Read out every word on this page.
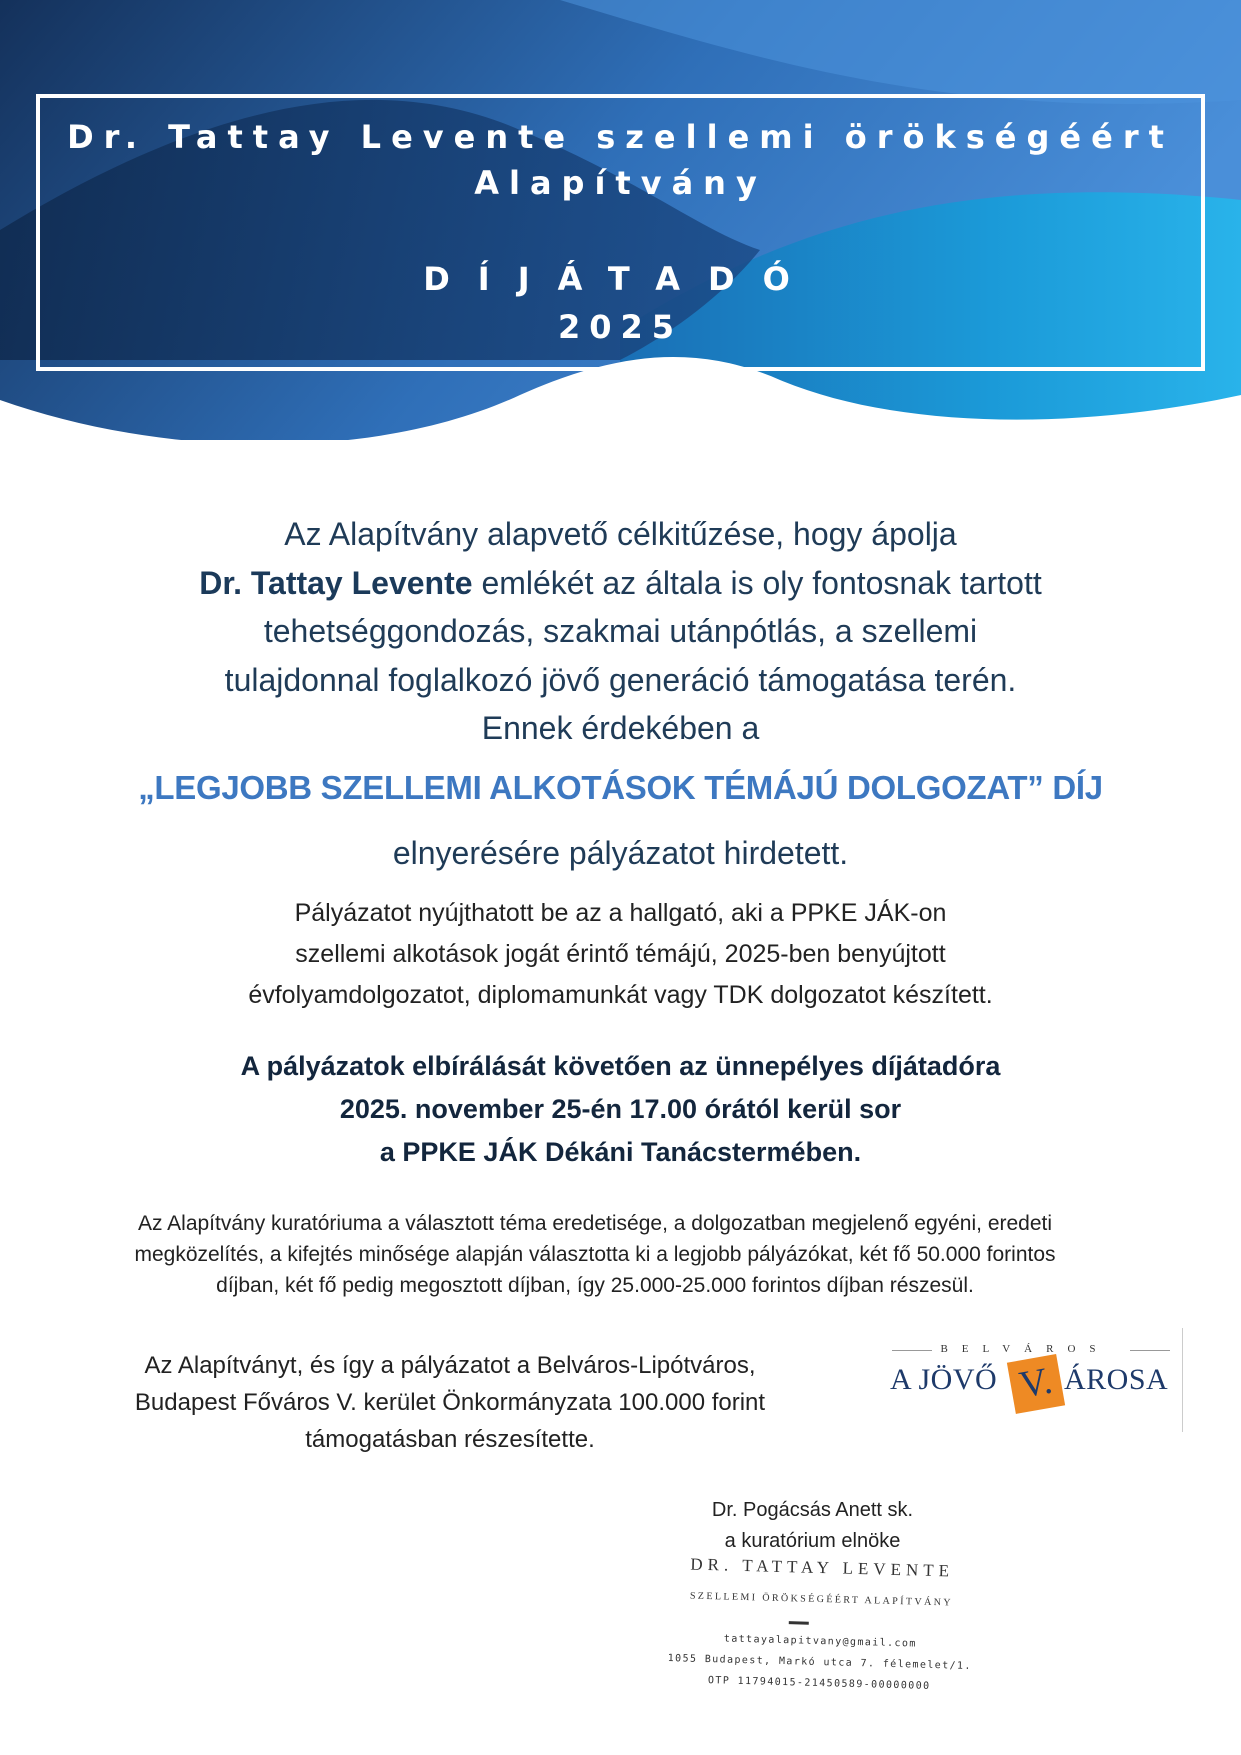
Dr. Tattay Levente szellemi örökségéért
Alapítvány
DÍJÁTADÓ
2025
Az Alapítvány alapvető célkitűzése, hogy ápolja
Dr. Tattay Levente emlékét az általa is oly fontosnak tartott
tehetséggondozás, szakmai utánpótlás, a szellemi
tulajdonnal foglalkozó jövő generáció támogatása terén.
Ennek érdekében a
„LEGJOBB SZELLEMI ALKOTÁSOK TÉMÁJÚ DOLGOZAT” DÍJ
elnyerésére pályázatot hirdetett.
Pályázatot nyújthatott be az a hallgató, aki a PPKE JÁK-on
szellemi alkotások jogát érintő témájú, 2025-ben benyújtott
évfolyamdolgozatot, diplomamunkát vagy TDK dolgozatot készített.
A pályázatok elbírálását követően az ünnepélyes díjátadóra
2025. november 25-én 17.00 órától kerül sor
a PPKE JÁK Dékáni Tanácstermében.
Az Alapítvány kuratóriuma a választott téma eredetisége, a dolgozatban megjelenő egyéni, eredeti
megközelítés, a kifejtés minősége alapján választotta ki a legjobb pályázókat, két fő 50.000 forintos
díjban, két fő pedig megosztott díjban, így 25.000-25.000 forintos díjban részesül.
Az Alapítványt, és így a pályázatot a Belváros-Lipótváros,
Budapest Főváros V. kerület Önkormányzata 100.000 forint
támogatásban részesítette.
BELVÁROS
A JÖVŐ V. ÁROSA
Dr. Pogácsás Anett sk.
a kuratórium elnöke
DR. TATTAY LEVENTE
SZELLEMI ÖRÖKSÉGÉÉRT ALAPÍTVÁNY
tattayalapitvany@gmail.com
1055 Budapest, Markó utca 7. félemelet/1.
OTP 11794015-21450589-00000000
